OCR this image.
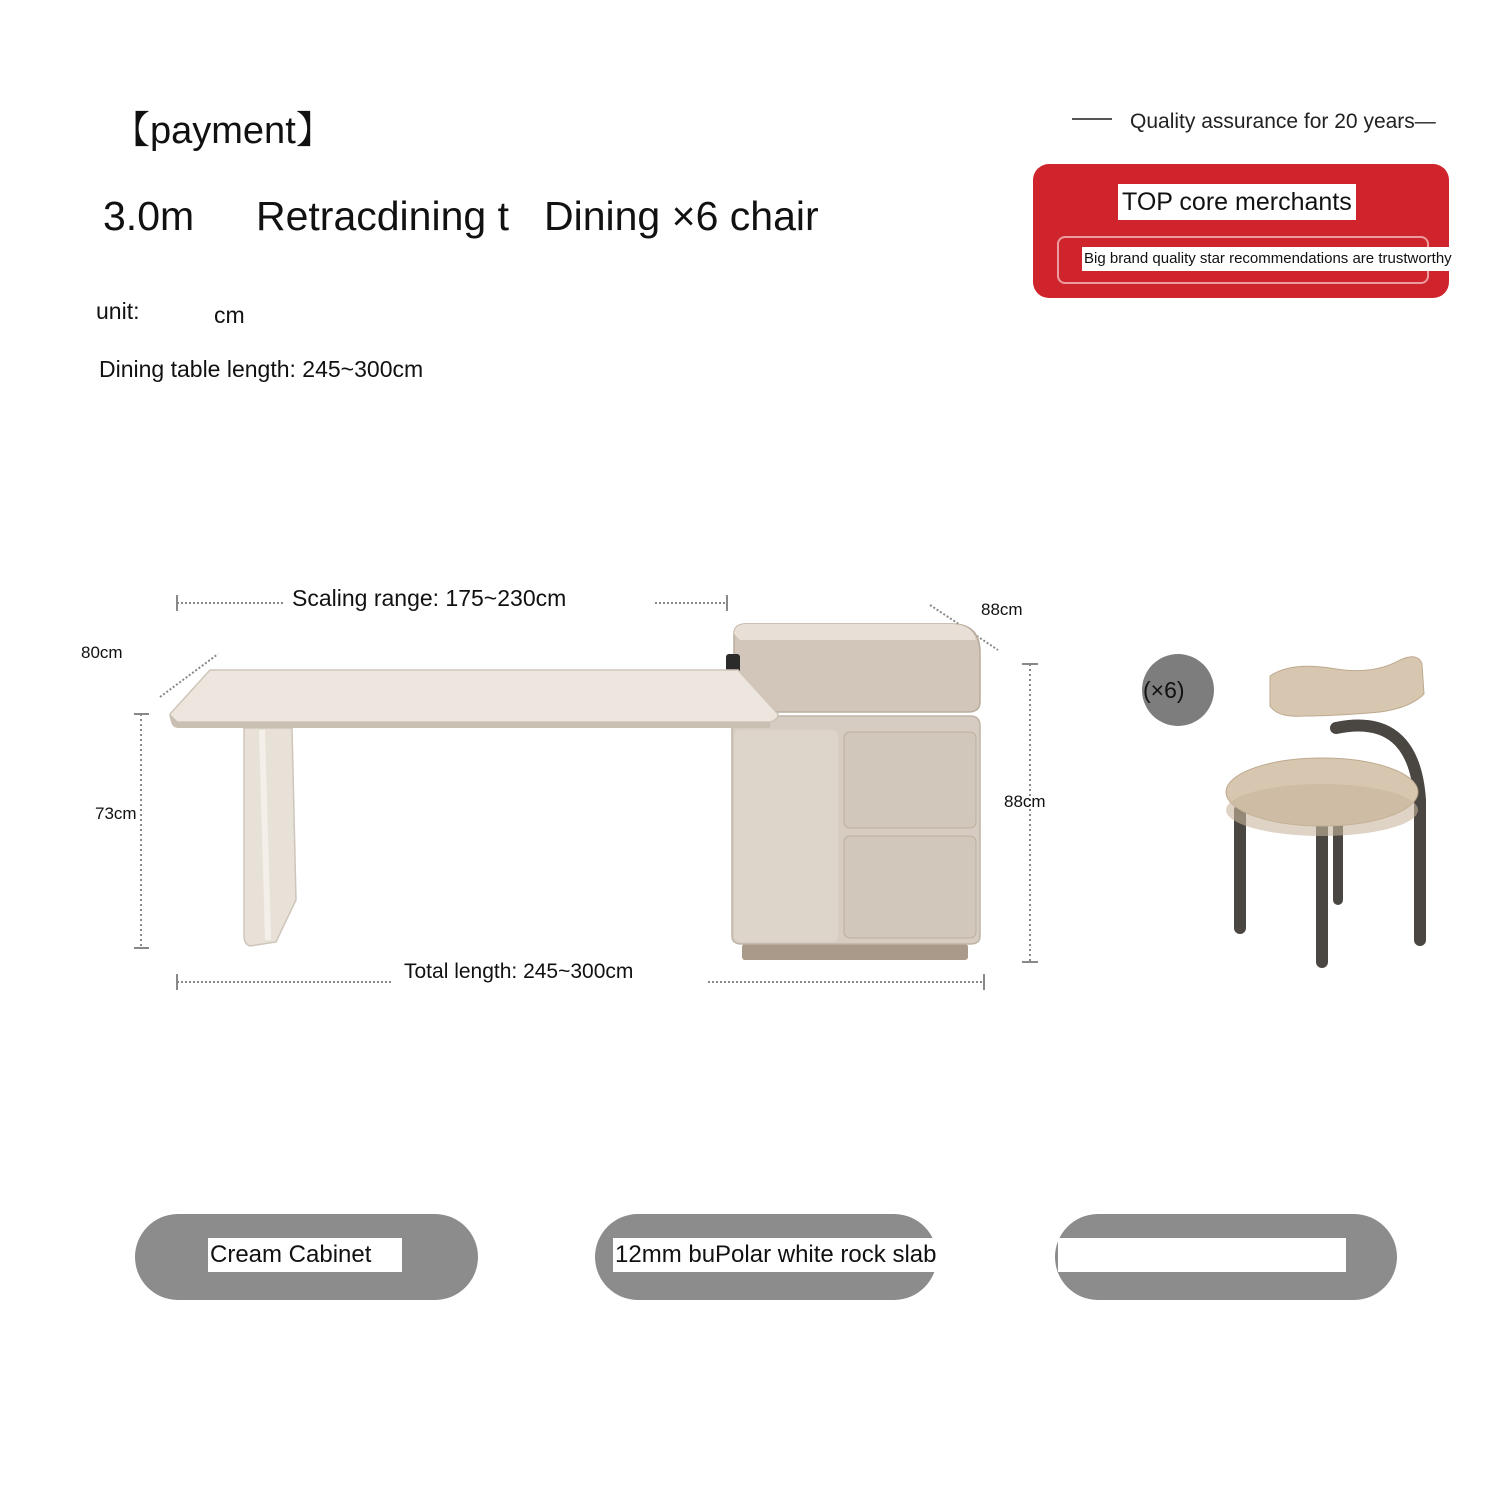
【payment】
3.0m Retracdining t Dining ×6 chair
unit:	cm
Dining table length: 245~300cm
Quality assurance for 20 years—
TOP core merchants
Big brand quality star recommendations are trustworthy
Scaling range: 175~230cm
80cm
88cm
73cm
88cm
Total length: 245~300cm
(×6)
Cream Cabinet	12mm buPolar white rock slab
